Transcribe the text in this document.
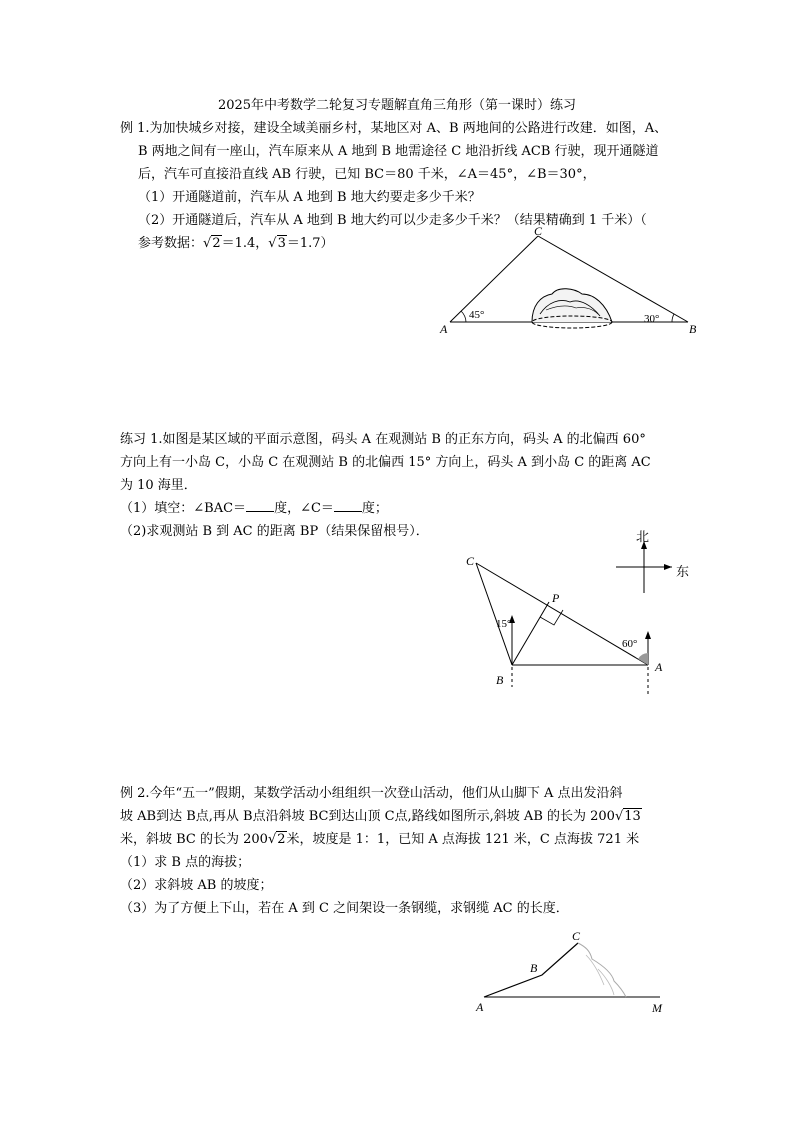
2025年中考数学二轮复习专题解直角三角形（第一课时）练习
例 1.为加快城乡对接，建设全域美丽乡村，某地区对 A、B 两地间的公路进行改建．如图，A、
B 两地之间有一座山，汽车原来从 A 地到 B 地需途径 C 地沿折线 ACB 行驶，现开通隧道
后，汽车可直接沿直线 AB 行驶，已知 BC＝80 千米，∠A＝45°，∠B＝30°，
（1）开通隧道前，汽车从 A 地到 B 地大约要走多少千米？
（2）开通隧道后，汽车从 A 地到 B 地大约可以少走多少千米？（结果精确到 1 千米）（
参考数据：√2＝1.4，√3＝1.7）
A	B
C
45°	30°
练习 1.如图是某区域的平面示意图，码头 A 在观测站 B 的正东方向，码头 A 的北偏西 60°
方向上有一小岛 C，小岛 C 在观测站 B 的北偏西 15° 方向上，码头 A 到小岛 C 的距离 AC
为 10 海里．
（1）填空：∠BAC＝ 度，∠C＝ 度；
（2)求观测站 B 到 AC 的距离 BP（结果保留根号）．	北
东
C
B
A
P
15°
60°
例 2.今年“五一”假期，某数学活动小组组织一次登山活动，他们从山脚下 A 点出发沿斜
坡 AB到达 B点,再从 B点沿斜坡 BC到达山顶 C点,路线如图所示,斜坡 AB 的长为 200√13
米，斜坡 BC 的长为 200√2米，坡度是 1：1，已知 A 点海拔 121 米，C 点海拔 721 米
（1）求 B 点的海拔；
（2）求斜坡 AB 的坡度；
（3）为了方便上下山，若在 A 到 C 之间架设一条钢缆，求钢缆 AC 的长度．
A
B
C
M
